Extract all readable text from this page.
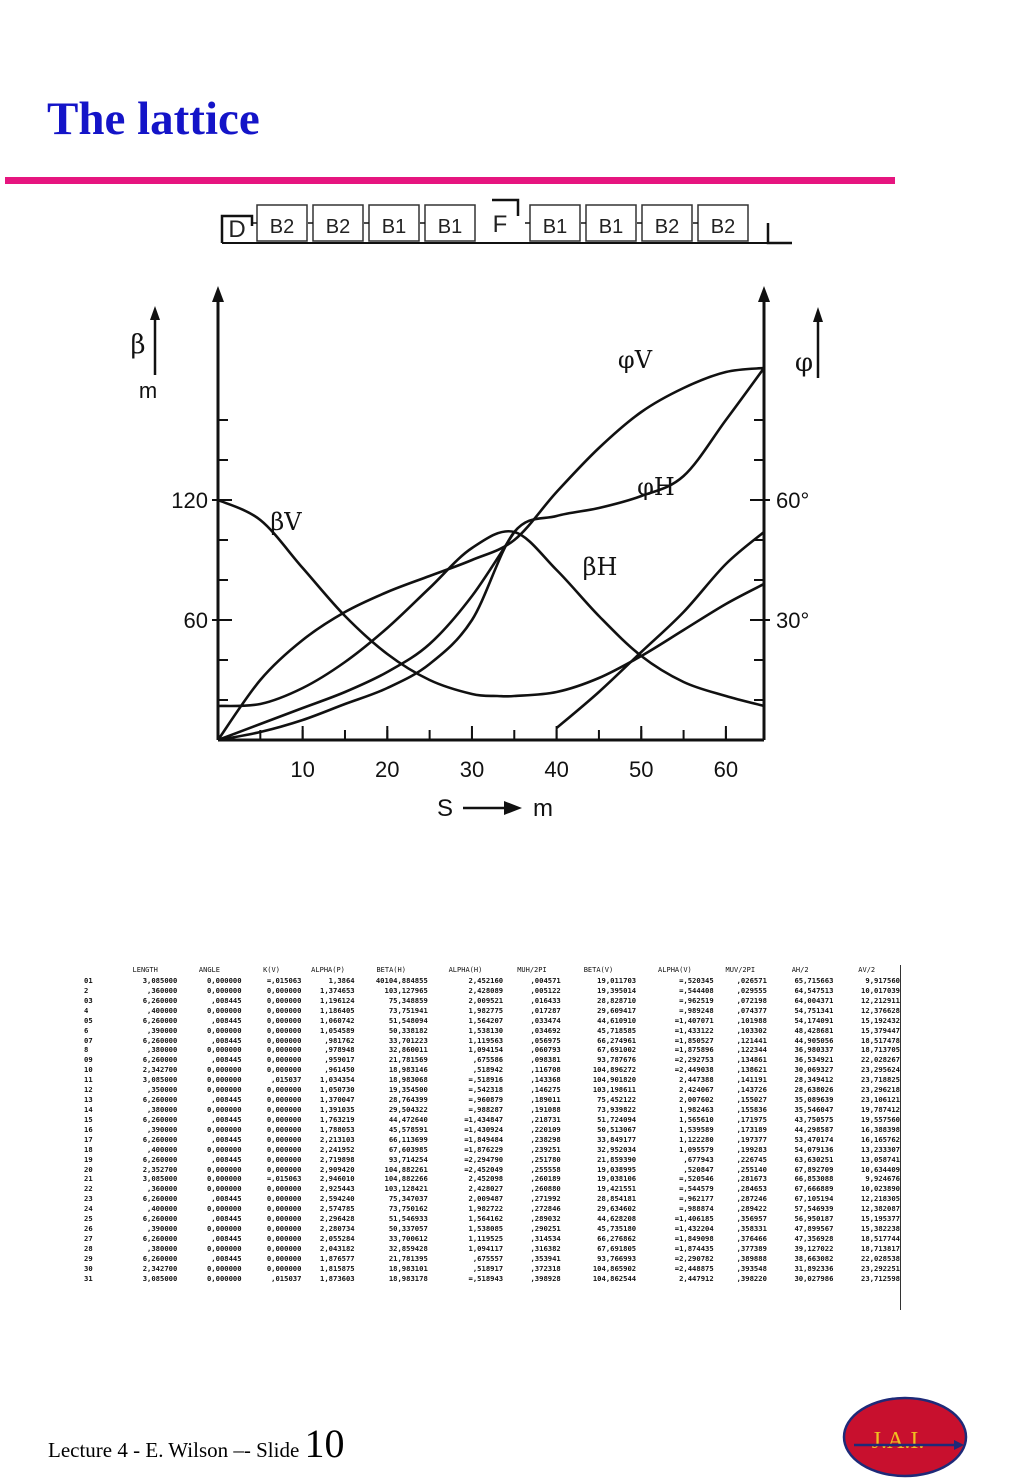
The lattice
D B2 B2 B1 B1 F B1 B1 B2 B2
10	20	30	40	50	60
60
120
30°
60°
β
m
φ
S	m
βV
βH
φV
φH
	LENGTH	ANGLE	K(V)	ALPHA(P)	BETA(H)	ALPHA(H)	MUH/2PI	BETA(V)	ALPHA(V)	MUV/2PI	AH/2	AV/2
01	3,085000	0,000000	=,015063	1,3864	40104,884855	2,452160	,004571	19,011703	=,520345	,026571	65,715663	9,917560
2	,360000	0,000000	0,000000	1,374653	103,127965	2,428089	,005122	19,395014	=,544408	,029555	64,547513	10,017039
03	6,260000	,008445	0,000000	1,196124	75,348859	2,009521	,016433	28,828710	=,962519	,072198	64,004371	12,212911
4	,400000	0,000000	0,000000	1,186405	73,751941	1,982775	,017287	29,609417	=,989248	,074377	54,751341	12,376628
05	6,260000	,008445	0,000000	1,060742	51,548094	1,564207	,033474	44,610910	=1,407071	,101988	54,174091	15,192432
6	,390000	0,000000	0,000000	1,054589	50,338182	1,538130	,034692	45,718585	=1,433122	,103302	48,428681	15,379447
07	6,260000	,008445	0,000000	,981762	33,701223	1,119563	,056975	66,274961	=1,850527	,121441	44,905056	18,517478
8	,380000	0,000000	0,000000	,978948	32,860011	1,094154	,060793	67,691002	=1,875896	,122344	36,980337	18,713705
09	6,260000	,008445	0,000000	,959017	21,781569	,675586	,098381	93,787676	=2,292753	,134861	36,534921	22,028267
10	2,342700	0,000000	0,000000	,961450	18,983146	,518942	,116708	104,896272	=2,449038	,138621	30,069327	23,295624
11	3,085000	0,000000	,015037	1,034354	18,983068	=,518916	,143368	104,901820	2,447388	,141191	28,349412	23,718825
12	,350000	0,000000	0,000000	1,050730	19,354500	=,542318	,146275	103,198611	2,424067	,143726	28,638026	23,296218
13	6,260000	,008445	0,000000	1,370047	28,764399	=,960879	,189011	75,452122	2,007602	,155027	35,089639	23,106121
14	,380000	0,000000	0,000000	1,391035	29,504322	=,988287	,191088	73,939822	1,982463	,155836	35,546047	19,787412
15	6,260000	,008445	0,000000	1,763219	44,472640	=1,434847	,218731	51,724094	1,565610	,171975	43,750575	19,557560
16	,390000	0,000000	0,000000	1,788053	45,578591	=1,430924	,220109	50,513067	1,539589	,173189	44,298587	16,388398
17	6,260000	,008445	0,000000	2,213103	66,113699	=1,849484	,238298	33,849177	1,122280	,197377	53,470174	16,165762
18	,400000	0,000000	0,000000	2,241952	67,603985	=1,876229	,239251	32,952034	1,095579	,199283	54,079136	13,233307
19	6,260000	,008445	0,000000	2,719898	93,714254	=2,294790	,251780	21,859390	,677943	,226745	63,630251	13,058741
20	2,352700	0,000000	0,000000	2,909420	104,882261	=2,452049	,255558	19,038995	,520847	,255140	67,892709	10,634409
21	3,085000	0,000000	=,015063	2,946010	104,882266	2,452098	,260189	19,038106	=,520546	,281673	66,853088	9,924676
22	,360000	0,000000	0,000000	2,925443	103,128421	2,428027	,260880	19,421551	=,544579	,284653	67,666889	10,023890
23	6,260000	,008445	0,000000	2,594240	75,347037	2,009487	,271992	28,854181	=,962177	,287246	67,105194	12,218305
24	,400000	0,000000	0,000000	2,574785	73,750162	1,982722	,272846	29,634602	=,988874	,289422	57,546939	12,382087
25	6,260000	,008445	0,000000	2,296428	51,546933	1,564162	,289032	44,628208	=1,406185	,356957	56,950187	15,195377
26	,390000	0,000000	0,000000	2,280734	50,337057	1,538085	,290251	45,735180	=1,432204	,358331	47,899567	15,382238
27	6,260000	,008445	0,000000	2,055284	33,700612	1,119525	,314534	66,276862	=1,849098	,376466	47,356928	18,517744
28	,380000	0,000000	0,000000	2,043182	32,859428	1,094117	,316382	67,691805	=1,874435	,377389	39,127022	18,713817
29	6,260000	,008445	0,000000	1,876577	21,781395	,675557	,353941	93,766993	=2,290782	,389888	38,663082	22,028538
30	2,342700	0,000000	0,000000	1,815875	18,983101	,518917	,372318	104,865902	=2,448875	,393548	31,892336	23,292251
31	3,085000	0,000000	,015037	1,873603	18,983178	=,518943	,398928	104,862544	2,447912	,398220	30,027986	23,712598
Lecture 4 - E. Wilson –- Slide 10	J.A.I.
